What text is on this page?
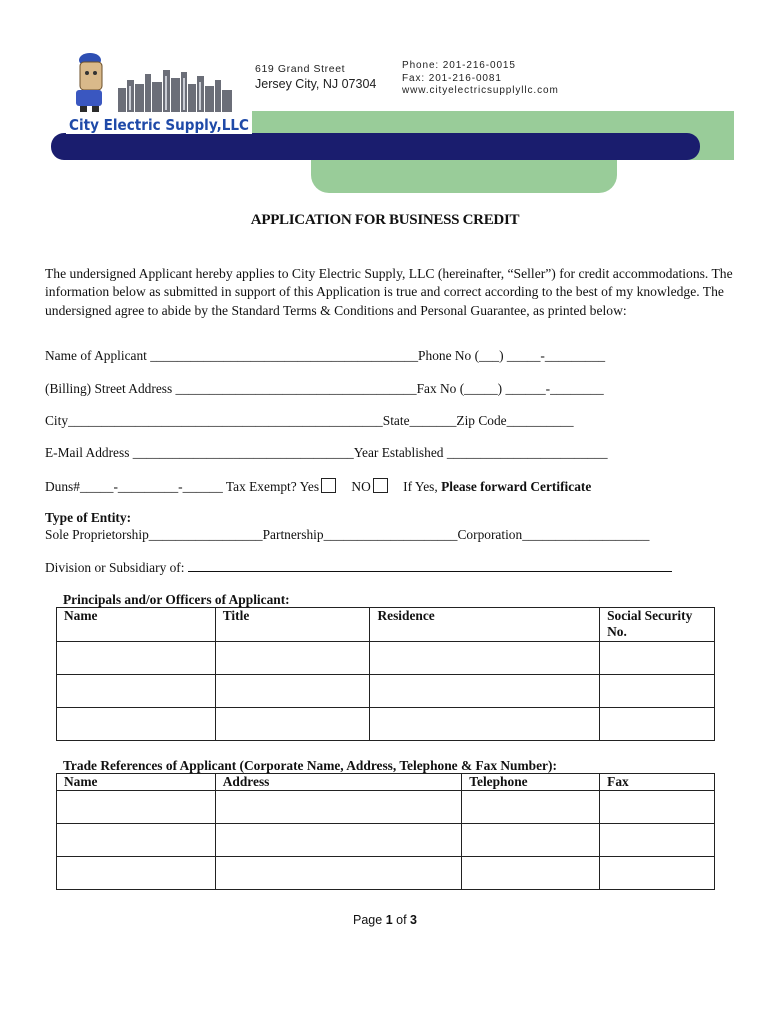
City Electric Supply,LLC
619 Grand Street
Jersey City, NJ 07304
Phone: 201-216-0015
Fax: 201-216-0081
www.cityelectricsupplyllc.com
APPLICATION FOR BUSINESS CREDIT

The undersigned Applicant hereby applies to City Electric Supply, LLC (hereinafter, “Seller”) for credit accommodations. The information below as submitted in support of this Application is true and correct according to the best of my knowledge. The undersigned agree to abide by the Standard Terms & Conditions and Personal Guarantee, as printed below:

Name of Applicant ________________________________________Phone No (___) _____-_________
(Billing) Street Address ____________________________________Fax No (_____) ______-________
City_______________________________________________State_______Zip Code__________
E-Mail Address _________________________________Year Established ________________________
Duns#_____-_________-______ Tax Exempt? Yes NO If Yes, Please forward Certificate
Type of Entity:
Sole Proprietorship_________________Partnership____________________Corporation___________________
Division or Subsidiary of:
Principals and/or Officers of Applicant:
Name	Title	Residence	Social Security No.

Trade References of Applicant (Corporate Name, Address, Telephone & Fax Number):
Name	Address	Telephone	Fax

Page 1 of 3
